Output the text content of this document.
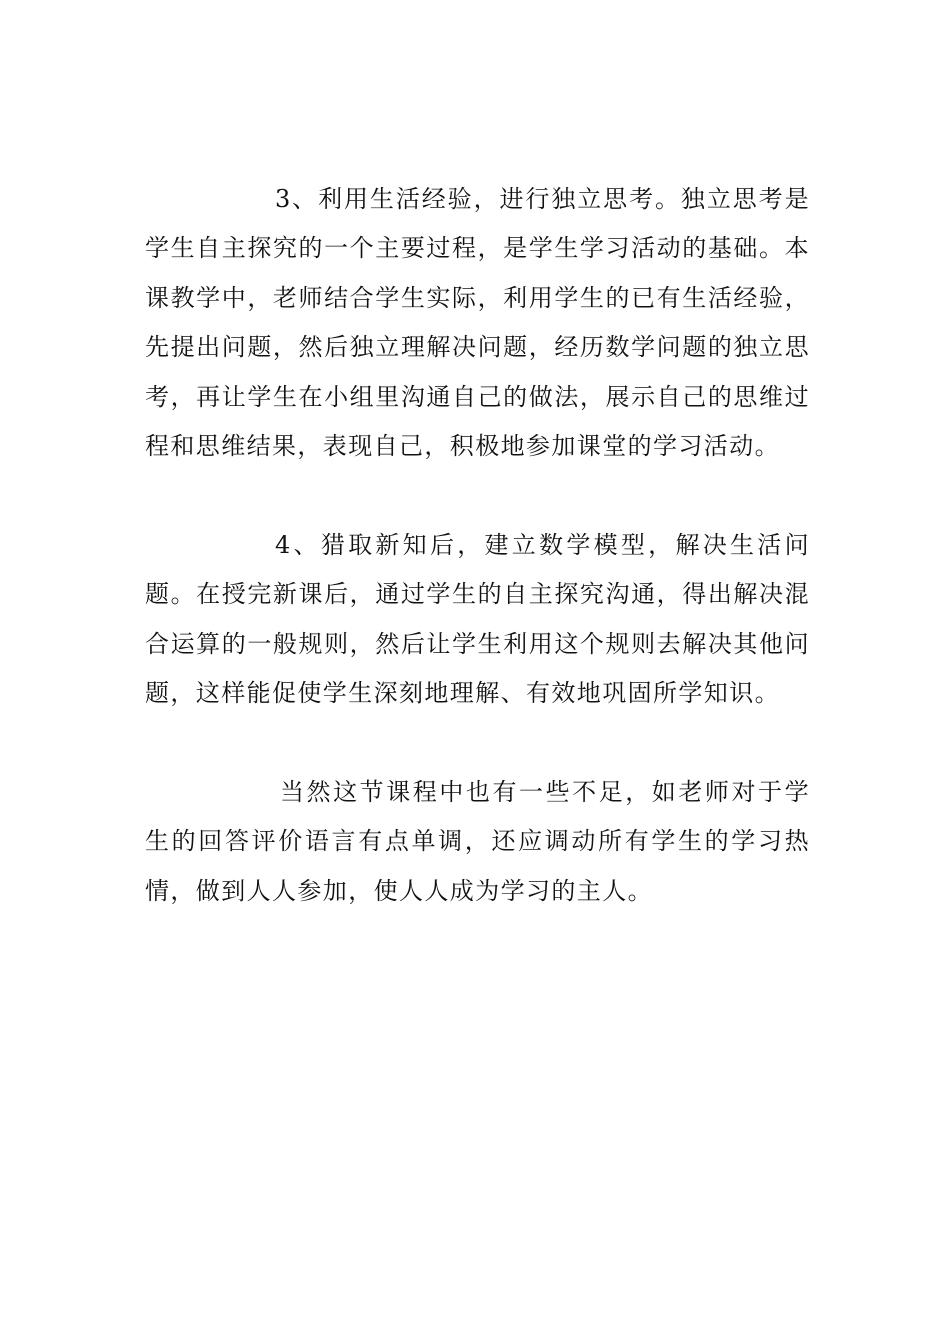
3、利用生活经验，进行独立思考。独立思考是学生自主探究的一个主要过程，是学生学习活动的基础。本课教学中，老师结合学生实际，利用学生的已有生活经验，先提出问题，然后独立理解决问题，经历数学问题的独立思考，再让学生在小组里沟通自己的做法，展示自己的思维过程和思维结果，表现自己，积极地参加课堂的学习活动。

4、猎取新知后，建立数学模型，解决生活问题。在授完新课后，通过学生的自主探究沟通，得出解决混合运算的一般规则，然后让学生利用这个规则去解决其他问题，这样能促使学生深刻地理解、有效地巩固所学知识。

当然这节课程中也有一些不足，如老师对于学生的回答评价语言有点单调，还应调动所有学生的学习热情，做到人人参加，使人人成为学习的主人。
